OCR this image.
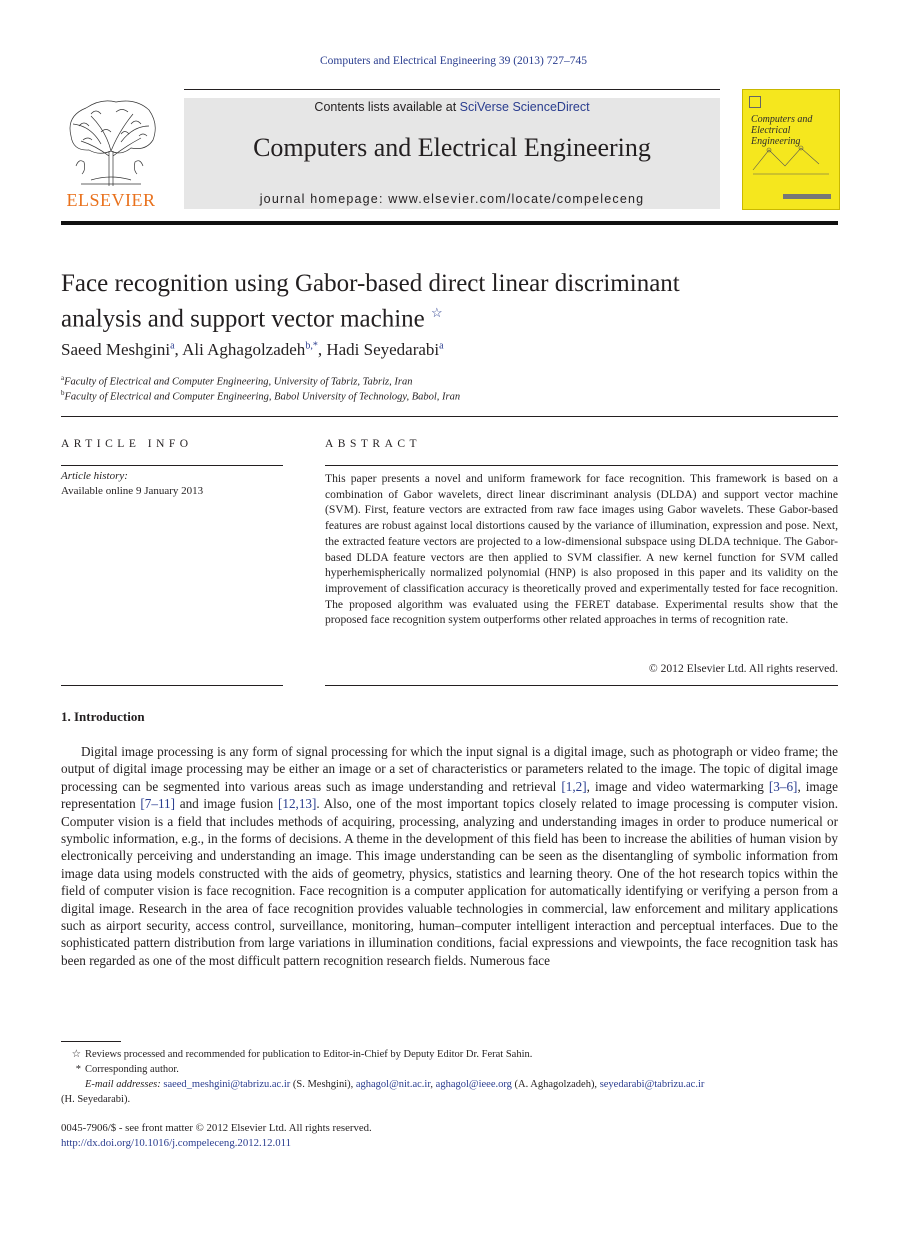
Computers and Electrical Engineering 39 (2013) 727–745
ELSEVIER
Contents lists available at SciVerse ScienceDirect
Computers and Electrical Engineering
journal homepage: www.elsevier.com/locate/compeleceng
Computers and
Electrical Engineering
Face recognition using Gabor-based direct linear discriminant
analysis and support vector machine ☆
Saeed Meshgini$^a$, Ali Aghagolzadeh$^{b,*}$, Hadi Seyedarabi$^a$
$^a$Faculty of Electrical and Computer Engineering, University of Tabriz, Tabriz, Iran
$^b$Faculty of Electrical and Computer Engineering, Babol University of Technology, Babol, Iran
ARTICLE INFO
Article history:
Available online 9 January 2013
ABSTRACT
This paper presents a novel and uniform framework for face recognition. This framework is based on a combination of Gabor wavelets, direct linear discriminant analysis (DLDA) and support vector machine (SVM). First, feature vectors are extracted from raw face images using Gabor wavelets. These Gabor-based features are robust against local distortions caused by the variance of illumination, expression and pose. Next, the extracted feature vectors are projected to a low-dimensional subspace using DLDA technique. The Gabor-based DLDA feature vectors are then applied to SVM classifier. A new kernel function for SVM called hyperhemispherically normalized polynomial (HNP) is also proposed in this paper and its validity on the improvement of classification accuracy is theoretically proved and experimentally tested for face recognition. The proposed algorithm was evaluated using the FERET database. Experimental results show that the proposed face recognition system outperforms other related approaches in terms of recognition rate.
© 2012 Elsevier Ltd. All rights reserved.
1. Introduction
Digital image processing is any form of signal processing for which the input signal is a digital image, such as photograph or video frame; the output of digital image processing may be either an image or a set of characteristics or parameters related to the image. The topic of digital image processing can be segmented into various areas such as image understanding and retrieval [1,2], image and video watermarking [3–6], image representation [7–11] and image fusion [12,13]. Also, one of the most important topics closely related to image processing is computer vision. Computer vision is a field that includes methods of acquiring, processing, analyzing and understanding images in order to produce numerical or symbolic information, e.g., in the forms of decisions. A theme in the development of this field has been to increase the abilities of human vision by electronically perceiving and understanding an image. This image understanding can be seen as the disentangling of symbolic information from image data using models constructed with the aids of geometry, physics, statistics and learning theory. One of the hot research topics within the field of computer vision is face recognition. Face recognition is a computer application for automatically identifying or verifying a person from a digital image. Research in the area of face recognition provides valuable technologies in commercial, law enforcement and military applications such as airport security, access control, surveillance, monitoring, human–computer intelligent interaction and perceptual interfaces. Due to the sophisticated pattern distribution from large variations in illumination conditions, facial expressions and viewpoints, the face recognition task has been regarded as one of the most difficult pattern recognition research fields. Numerous face
☆ Reviews processed and recommended for publication to Editor-in-Chief by Deputy Editor Dr. Ferat Sahin.
* Corresponding author.
E-mail addresses: saeed_meshgini@tabrizu.ac.ir (S. Meshgini), aghagol@nit.ac.ir, aghagol@ieee.org (A. Aghagolzadeh), seyedarabi@tabrizu.ac.ir
(H. Seyedarabi).
0045-7906/$ - see front matter © 2012 Elsevier Ltd. All rights reserved.
http://dx.doi.org/10.1016/j.compeleceng.2012.12.011
